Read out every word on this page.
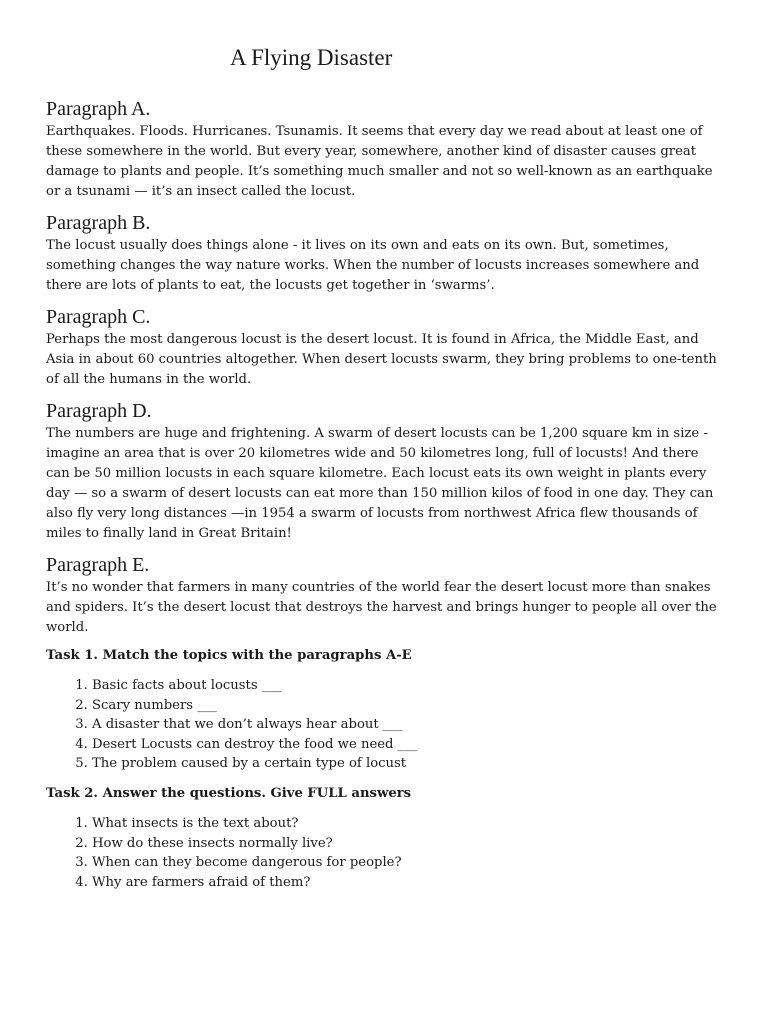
A Flying Disaster
Paragraph A.

Earthquakes. Floods. Hurricanes. Tsunamis. It seems that every day we read about at least one of these somewhere in the world. But every year, somewhere, another kind of disaster causes great damage to plants and people. It’s something much smaller and not so well-known as an earthquake or a tsunami — it’s an insect called the locust.

Paragraph B.

The locust usually does things alone - it lives on its own and eats on its own. But, sometimes, something changes the way nature works. When the number of locusts increases somewhere and there are lots of plants to eat, the locusts get together in ‘swarms’.

Paragraph C.

Perhaps the most dangerous locust is the desert locust. It is found in Africa, the Middle East, and Asia in about 60 countries altogether. When desert locusts swarm, they bring problems to one-tenth of all the humans in the world.

Paragraph D.

The numbers are huge and frightening. A swarm of desert locusts can be 1,200 square km in size - imagine an area that is over 20 kilometres wide and 50 kilometres long, full of locusts! And there can be 50 million locusts in each square kilometre. Each locust eats its own weight in plants every day — so a swarm of desert locusts can eat more than 150 million kilos of food in one day. They can also fly very long distances —in 1954 a swarm of locusts from northwest Africa flew thousands of miles to finally land in Great Britain!

Paragraph E.

It’s no wonder that farmers in many countries of the world fear the desert locust more than snakes and spiders. It’s the desert locust that destroys the harvest and brings hunger to people all over the world.

Task 1. Match the topics with the paragraphs A-E
1. Basic facts about locusts ___
2. Scary numbers ___
3. A disaster that we don’t always hear about ___
4. Desert Locusts can destroy the food we need ___
5. The problem caused by a certain type of locust
Task 2. Answer the questions. Give FULL answers
1. What insects is the text about?
2. How do these insects normally live?
3. When can they become dangerous for people?
4. Why are farmers afraid of them?
